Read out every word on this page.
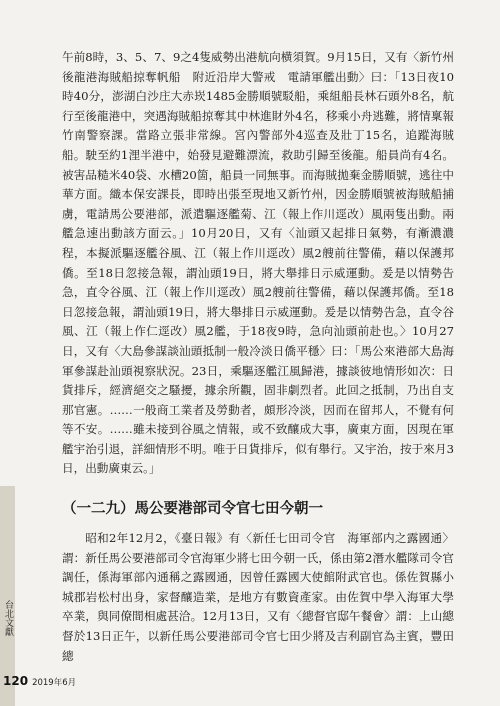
午前8時，3、5、7、9之4隻威勢出港航向横須賀。9月15日，又有〈新竹州後龍港海賊船掠奪帆船　附近沿岸大警戒　電請軍艦出動〉曰：「13日夜10時40分，澎湖白沙庄大赤崁1485金勝順號駁船，乘組船長林石頭外8名，航行至後龍港中，突遇海賊船掠奪其中林進財外4名，移乘小舟逃難，將情稟報竹南警察課。當路立張非常線。宮內警部外4巡查及壯丁15名，追蹤海賊船。駛至約1浬半港中，始發見避難漂流，救助引歸至後龍。船員尚有4名。被害品糙米40袋、水槽20箇，船員一同無事。而海賊拋棄金勝順號，逃往中華方面。織本保安課長，即時出張至現地又新竹州，因金勝順號被海賊船捕虜，電請馬公要港部，派遣驅逐艦菊、江（報上作川逕改）風兩隻出動。兩艦急速出動該方面云。」10月20日，又有〈汕頭又起排日氣勢，有漸濃濃程，本擬派驅逐艦谷風、江（報上作川逕改）風2艘前往警備，藉以保護邦僑。至18日忽接急報，謂汕頭19日，將大舉排日示威運動。爰是以情勢告急，直令谷風、江（報上作川逕改）風2艘前往警備，藉以保護邦僑。至18日忽接急報，謂汕頭19日，將大舉排日示威運動。爰是以情勢告急，直令谷風、江（報上作仁逕改）風2艦，于18夜9時，急向汕頭前赴也。〉10月27日，又有〈大島參謀談汕頭抵制一般冷淡日僑平穩〉曰：「馬公來港部大島海軍參謀赴汕頭視察狀況。23日，乘驅逐艦江風歸港，據談彼地情形如次：日貨排斥，經濟絕交之騷擾，據余所觀，固非劇烈者。此回之抵制，乃出自支那官憲。……一般商工業者及勞動者，頗形冷淡，因而在留邦人，不覺有何等不安。……雖未接到谷風之情報，或不致釀成大事，廣東方面，因現在軍艦宇治引退，詳細情形不明。唯于日貨排斥，似有舉行。又宇治，按于來月3日，出動廣東云。」

（一二九）馬公要港部司令官七田今朝一

昭和2年12月2，《臺日報》有〈新任七田司令官　海軍部内之露國通〉謂：新任馬公要港部司令官海軍少將七田今朝一氏，係由第2潛水艦隊司令官調任，係海軍部內通稱之露國通，因曾任露國大使館附武官也。係佐賀縣小城郡岩松村出身，家督釀造業，是地方有數資產家。由佐賀中學入海軍大學卒業，與同僚間相處甚洽。12月13日，又有〈總督官邸午餐會〉謂：上山總督於13日正午，以新任馬公要港部司令官七田少將及吉利副官為主賓，豐田總

台北文獻
120 2019年6月
